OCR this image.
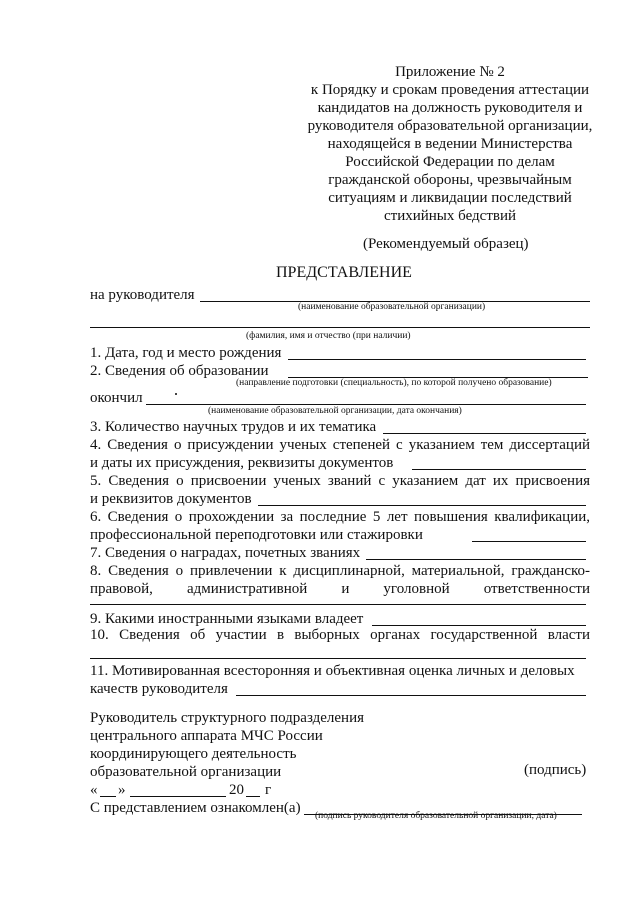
Приложение № 2
к Порядку и срокам проведения аттестации
кандидатов на должность руководителя и
руководителя образовательной организации,
находящейся в ведении Министерства
Российской Федерации по делам
гражданской обороны, чрезвычайным
ситуациям и ликвидации последствий
стихийных бедствий
(Рекомендуемый образец)
ПРЕДСТАВЛЕНИЕ
на руководителя
(наименование образовательной организации)
(фамилия, имя и отчество (при наличии)
1. Дата, год и место рождения
2. Сведения об образовании
(направление подготовки (специальность), по которой получено образование)
окончил
(наименование образовательной организации, дата окончания)
3. Количество научных трудов и их тематика
4. Сведения о присуждении ученых степеней с указанием тем диссертаций
и даты их присуждения, реквизиты документов
5. Сведения о присвоении ученых званий с указанием дат их присвоения
и реквизитов документов
6. Сведения о прохождении за последние 5 лет повышения квалификации,
профессиональной переподготовки или стажировки
7. Сведения о наградах, почетных званиях
8. Сведения о привлечении к дисциплинарной, материальной, гражданско-
правовой, административной и уголовной ответственности
9. Какими иностранными языками владеет
10. Сведения об участии в выборных органах государственной власти
11. Мотивированная всесторонняя и объективная оценка личных и деловых
качеств руководителя
Руководитель структурного подразделения
центрального аппарата МЧС России
координирующего деятельность
образовательной организации	(подпись)
« »	20 г
С представлением ознакомлен(а) (подпись руководителя образовательной организации, дата)
